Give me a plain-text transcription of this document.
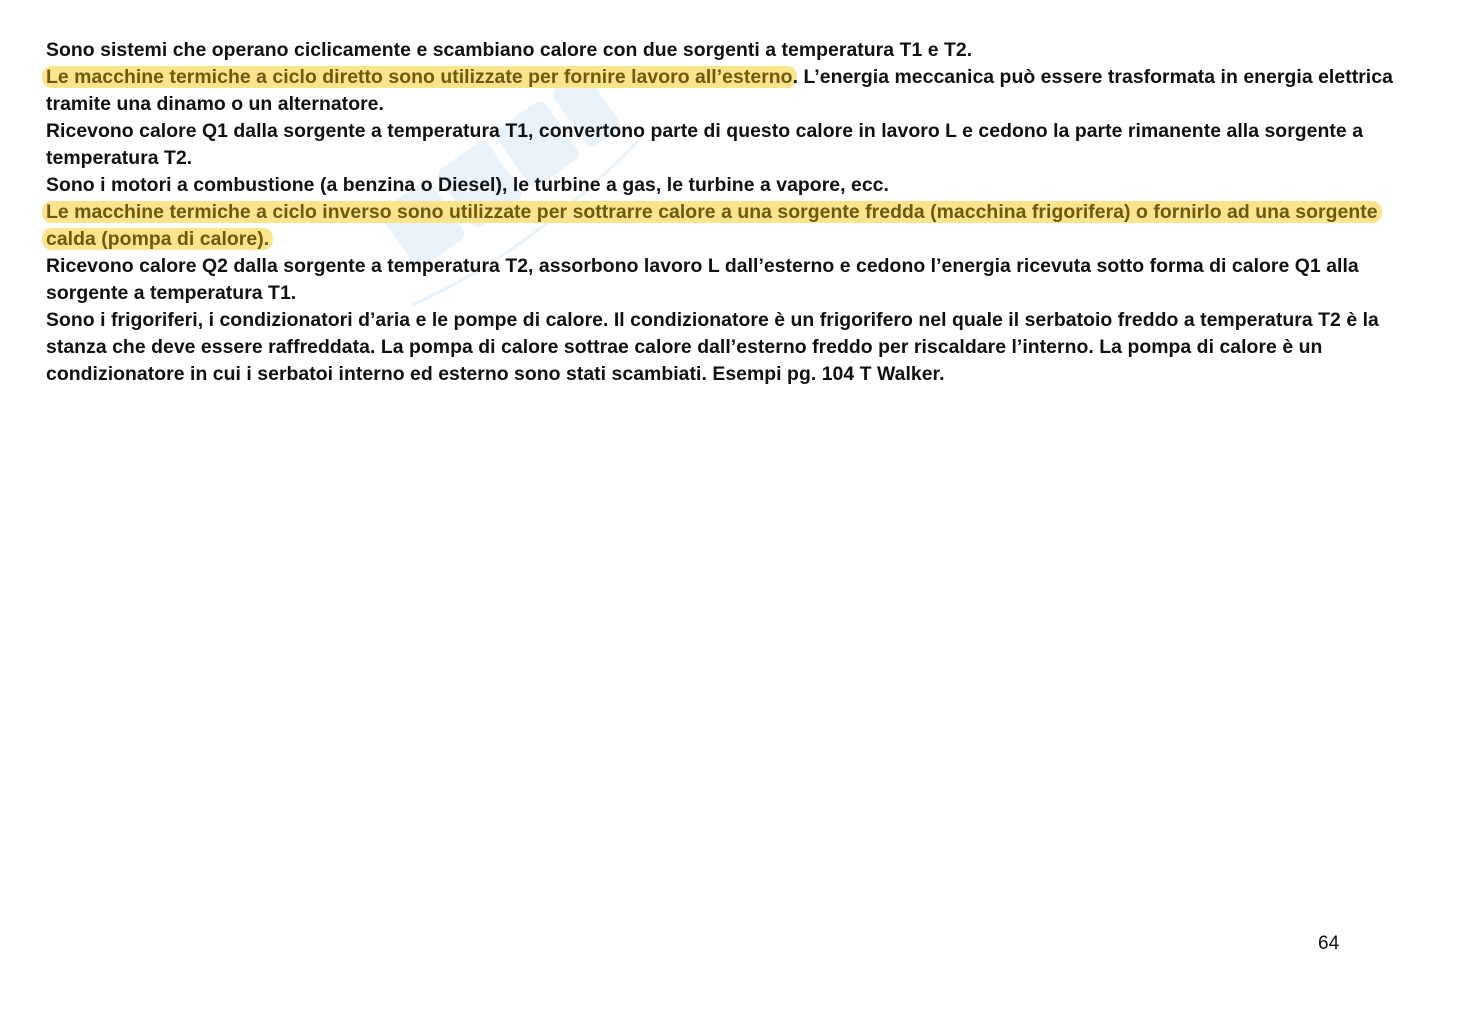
Sono sistemi che operano ciclicamente e scambiano calore con due sorgenti a temperatura T1 e T2.

Le macchine termiche a ciclo diretto sono utilizzate per fornire lavoro all’esterno. L’energia meccanica può essere trasformata in energia elettrica tramite una dinamo o un alternatore.

Ricevono calore Q1 dalla sorgente a temperatura T1, convertono parte di questo calore in lavoro L e cedono la parte rimanente alla sorgente a temperatura T2.

Sono i motori a combustione (a benzina o Diesel), le turbine a gas, le turbine a vapore, ecc.

Le macchine termiche a ciclo inverso sono utilizzate per sottrarre calore a una sorgente fredda (macchina frigorifera) o fornirlo ad una sorgente calda (pompa di calore).

Ricevono calore Q2 dalla sorgente a temperatura T2, assorbono lavoro L dall’esterno e cedono l’energia ricevuta sotto forma di calore Q1 alla sorgente a temperatura T1.

Sono i frigoriferi, i condizionatori d’aria e le pompe di calore. Il condizionatore è un frigorifero nel quale il serbatoio freddo a temperatura T2 è la stanza che deve essere raffreddata. La pompa di calore sottrae calore dall’esterno freddo per riscaldare l’interno. La pompa di calore è un condizionatore in cui i serbatoi interno ed esterno sono stati scambiati. Esempi pg. 104 T Walker.

64
